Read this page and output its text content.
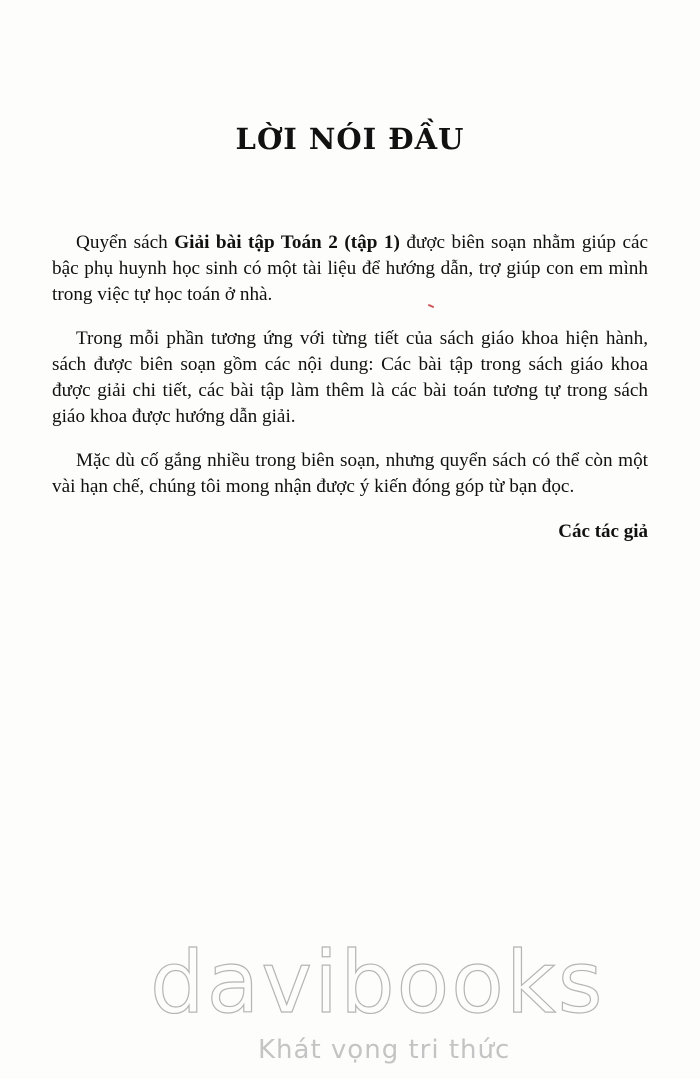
LỜI NÓI ĐẦU

Quyển sách Giải bài tập Toán 2 (tập 1) được biên soạn nhằm giúp các bậc phụ huynh học sinh có một tài liệu để hướng dẫn, trợ giúp con em mình trong việc tự học toán ở nhà.

Trong mỗi phần tương ứng với từng tiết của sách giáo khoa hiện hành, sách được biên soạn gồm các nội dung: Các bài tập trong sách giáo khoa được giải chi tiết, các bài tập làm thêm là các bài toán tương tự trong sách giáo khoa được hướng dẫn giải.

Mặc dù cố gắng nhiều trong biên soạn, nhưng quyển sách có thể còn một vài hạn chế, chúng tôi mong nhận được ý kiến đóng góp từ bạn đọc.

Các tác giả
davibooks
Khát vọng tri thức
